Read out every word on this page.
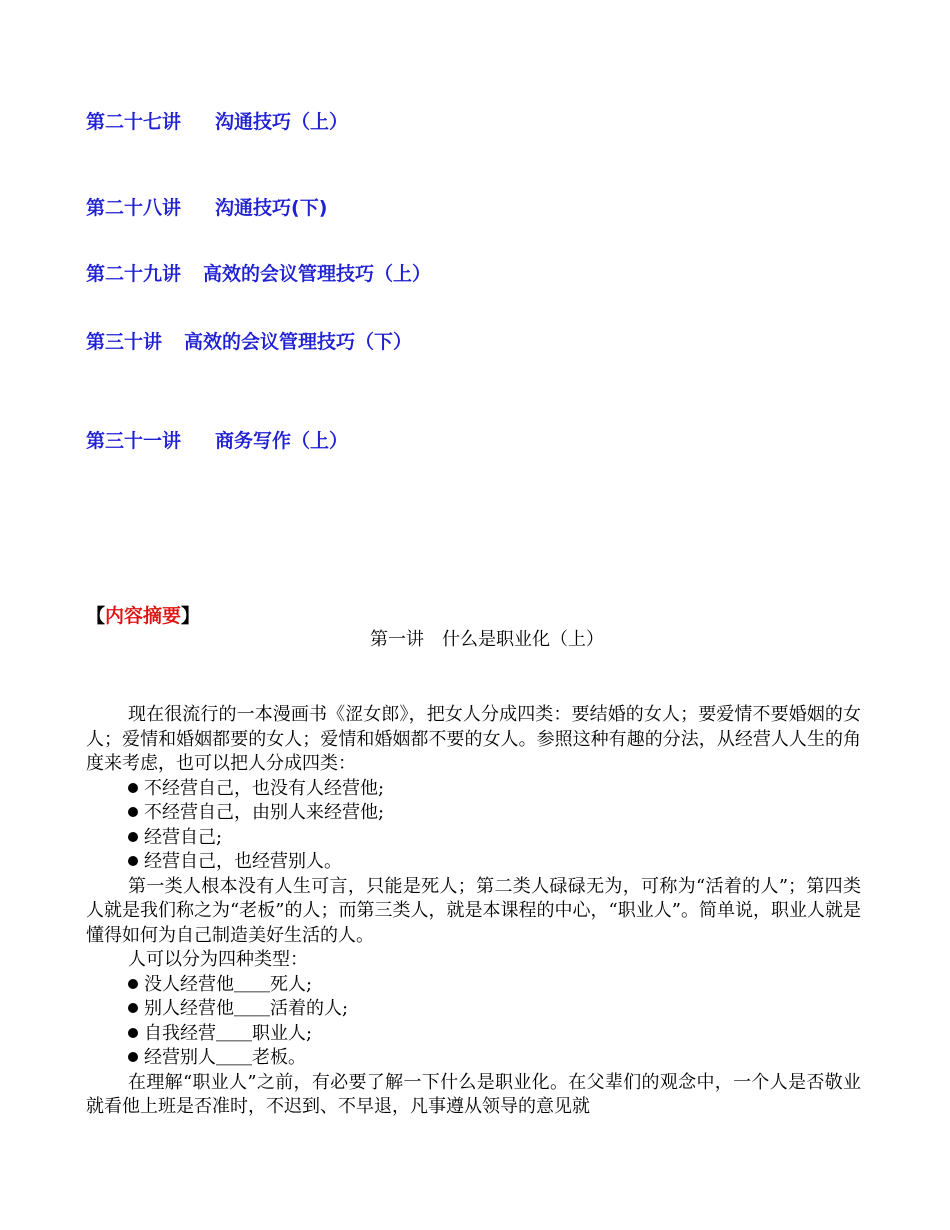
第二十七讲 沟通技巧（上）
第二十八讲 沟通技巧(下)
第二十九讲 高效的会议管理技巧（上）
第三十讲 高效的会议管理技巧（下）
第三十一讲 商务写作（上）
【内容摘要】
第一讲　什么是职业化（上）

现在很流行的一本漫画书《涩女郎》，把女人分成四类：要结婚的女人；要爱情不要婚姻的女人；爱情和婚姻都要的女人；爱情和婚姻都不要的女人。参照这种有趣的分法，从经营人人生的角度来考虑，也可以把人分成四类：

不经营自己，也没有人经营他;

不经营自己，由别人来经营他;

经营自己;

经营自己，也经营别人。

第一类人根本没有人生可言，只能是死人；第二类人碌碌无为，可称为“活着的人”；第四类人就是我们称之为“老板”的人；而第三类人，就是本课程的中心，“职业人”。简单说，职业人就是懂得如何为自己制造美好生活的人。

人可以分为四种类型：

没人经营他＿＿死人;

别人经营他＿＿活着的人;

自我经营＿＿职业人;

经营别人＿＿老板。

在理解“职业人”之前，有必要了解一下什么是职业化。在父辈们的观念中，一个人是否敬业就看他上班是否准时，不迟到、不早退，凡事遵从领导的意见就
